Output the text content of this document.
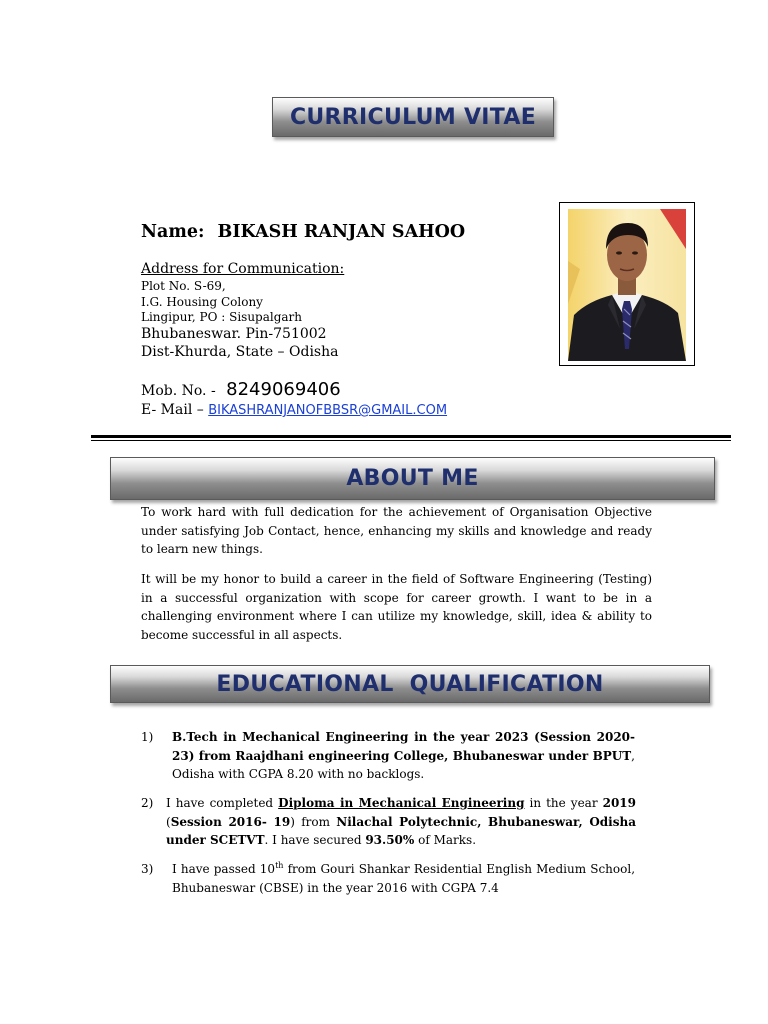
CURRICULUM VITAE
Name: BIKASH RANJAN SAHOO
Address for Communication:
Plot No. S-69,
I.G. Housing Colony
Lingipur, PO : Sisupalgarh
Bhubaneswar. Pin-751002
Dist-Khurda, State – Odisha
Mob. No. - 8249069406
E- Mail – BIKASHRANJANOFBBSR@GMAIL.COM
ABOUT ME
To work hard with full dedication for the achievement of Organisation Objective under satisfying Job Contact, hence, enhancing my skills and knowledge and ready to learn new things.
It will be my honor to build a career in the field of Software Engineering (Testing) in a successful organization with scope for career growth. I want to be in a challenging environment where I can utilize my knowledge, skill, idea & ability to become successful in all aspects.
EDUCATIONAL  QUALIFICATION
1) B.Tech in Mechanical Engineering in the year 2023 (Session 2020-23) from Raajdhani engineering College, Bhubaneswar under BPUT, Odisha with CGPA 8.20 with no backlogs.
2) I have completed Diploma in Mechanical Engineering in the year 2019 (Session 2016- 19) from Nilachal Polytechnic, Bhubaneswar, Odisha under SCETVT. I have secured 93.50% of Marks.
3) I have passed 10th from Gouri Shankar Residential English Medium School, Bhubaneswar (CBSE) in the year 2016 with CGPA 7.4
